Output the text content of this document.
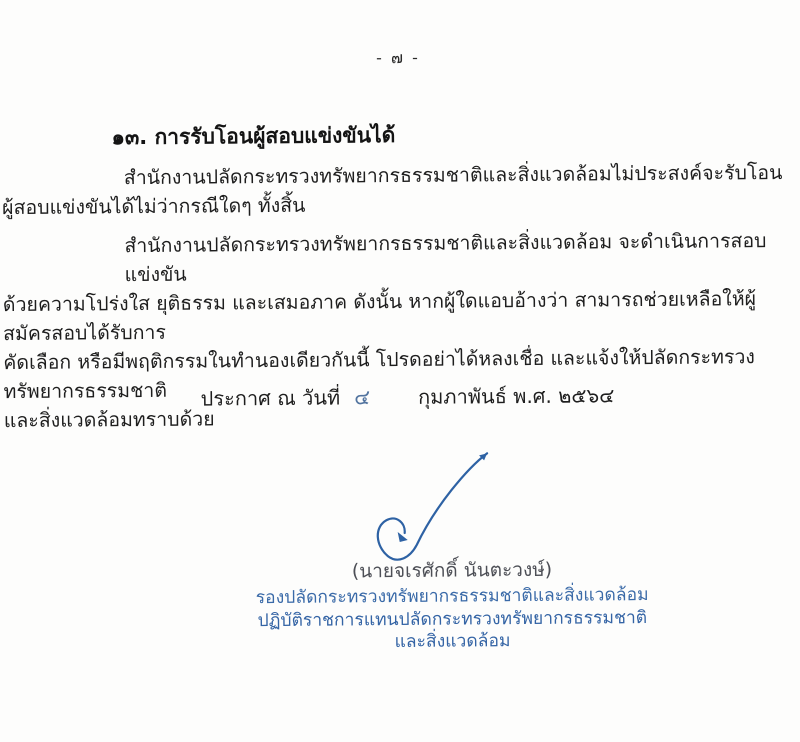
- ๗ -
๑๓. การรับโอนผู้สอบแข่งขันได้
สำนักงานปลัดกระทรวงทรัพยากรธรรมชาติและสิ่งแวดล้อมไม่ประสงค์จะรับโอน
ผู้สอบแข่งขันได้ไม่ว่ากรณีใดๆ ทั้งสิ้น
สำนักงานปลัดกระทรวงทรัพยากรธรรมชาติและสิ่งแวดล้อม จะดำเนินการสอบแข่งขัน
ด้วยความโปร่งใส ยุติธรรม และเสมอภาค ดังนั้น หากผู้ใดแอบอ้างว่า สามารถช่วยเหลือให้ผู้สมัครสอบได้รับการ
คัดเลือก หรือมีพฤติกรรมในทำนองเดียวกันนี้ โปรดอย่าได้หลงเชื่อ และแจ้งให้ปลัดกระทรวงทรัพยากรธรรมชาติ
และสิ่งแวดล้อมทราบด้วย
ประกาศ ณ วันที่ ๔ กุมภาพันธ์ พ.ศ. ๒๕๖๔
(นายจเรศักดิ์ นันตะวงษ์)
รองปลัดกระทรวงทรัพยากรธรรมชาติและสิ่งแวดล้อม
ปฏิบัติราชการแทนปลัดกระทรวงทรัพยากรธรรมชาติและสิ่งแวดล้อม
